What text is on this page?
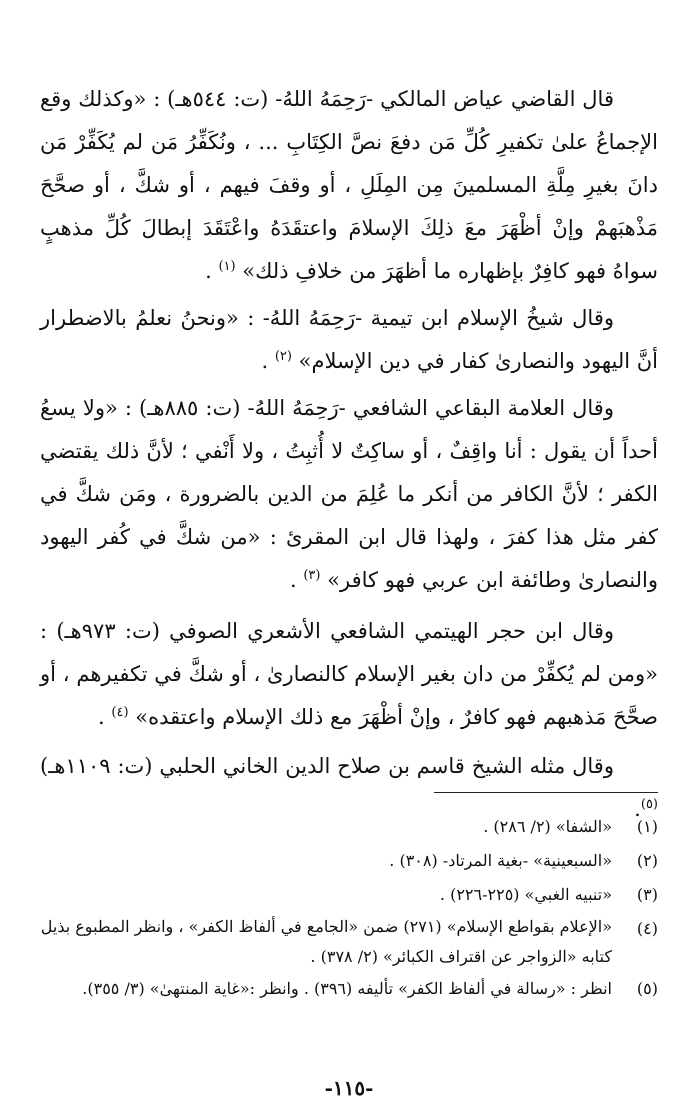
قال القاضي عياض المالكي -رَحِمَهُ اللهُ- (ت: ٥٤٤هـ) : «وكذلك وقع الإجماعُ علىٰ تكفيرِ كُلِّ مَن دفعَ نصَّ الكِتَابِ ... ، ونُكَفِّرُ مَن لم يُكَفِّرْ مَن دانَ بغيرِ مِلَّةِ المسلمينَ مِن المِلَلِ ، أو وقفَ فيهم ، أو شكَّ ، أو صحَّحَ مَذْهبَهمْ وإنْ أظْهَرَ معَ ذلِكَ الإسلامَ واعتقَدَهُ واعْتَقَدَ إبطالَ كُلِّ مذهبٍ سواهُ فهو كافِرٌ بإظهاره ما أظهَرَ من خلافِ ذلك» $^{(١)}$ .

وقال شيخُ الإسلام ابن تيمية -رَحِمَهُ اللهُ- : «ونحنُ نعلمُ بالاضطرار أنَّ اليهود والنصارىٰ كفار في دين الإسلام» $^{(٢)}$ .

وقال العلامة البقاعي الشافعي -رَحِمَهُ اللهُ- (ت: ٨٨٥هـ) : «ولا يسعُ أحداً أن يقول : أنا واقِفٌ ، أو ساكِتٌ لا أُثبِتُ ، ولا أَنْفي ؛ لأنَّ ذلك يقتضي الكفر ؛ لأنَّ الكافر من أنكر ما عُلِمَ من الدين بالضرورة ، ومَن شكَّ في كفر مثل هذا كفرَ ، ولهذا قال ابن المقرئ : «من شكَّ في كُفر اليهود والنصارىٰ وطائفة ابن عربي فهو كافر» $^{(٣)}$ .

وقال ابن حجر الهيتمي الشافعي الأشعري الصوفي (ت: ٩٧٣هـ) : «ومن لم يُكفِّرْ من دان بغير الإسلام كالنصارىٰ ، أو شكَّ في تكفيرهم ، أو صحَّحَ مَذهبهم فهو كافرٌ ، وإنْ أظْهَرَ مع ذلك الإسلام واعتقده» $^{(٤)}$ .

وقال مثله الشيخ قاسم بن صلاح الدين الخاني الحلبي (ت: ١١٠٩هـ) $^{(٥)}$.

(١)
«الشفا» (٢/ ٢٨٦) .
(٢)
«السبعينية» -بغية المرتاد- (٣٠٨) .
(٣)
«تنبيه الغبي» (٢٢٥-٢٢٦) .
(٤)
«الإعلام بقواطع الإسلام» (٢٧١) ضمن «الجامع في ألفاظ الكفر» ، وانظر المطبوع بذيل كتابه «الزواجر عن اقتراف الكبائر» (٢/ ٣٧٨) .
(٥)
انظر : «رسالة في ألفاظ الكفر» تأليفه (٣٩٦) . وانظر :«غاية المنتهىٰ» (٣/ ٣٥٥).
-١١٥-
